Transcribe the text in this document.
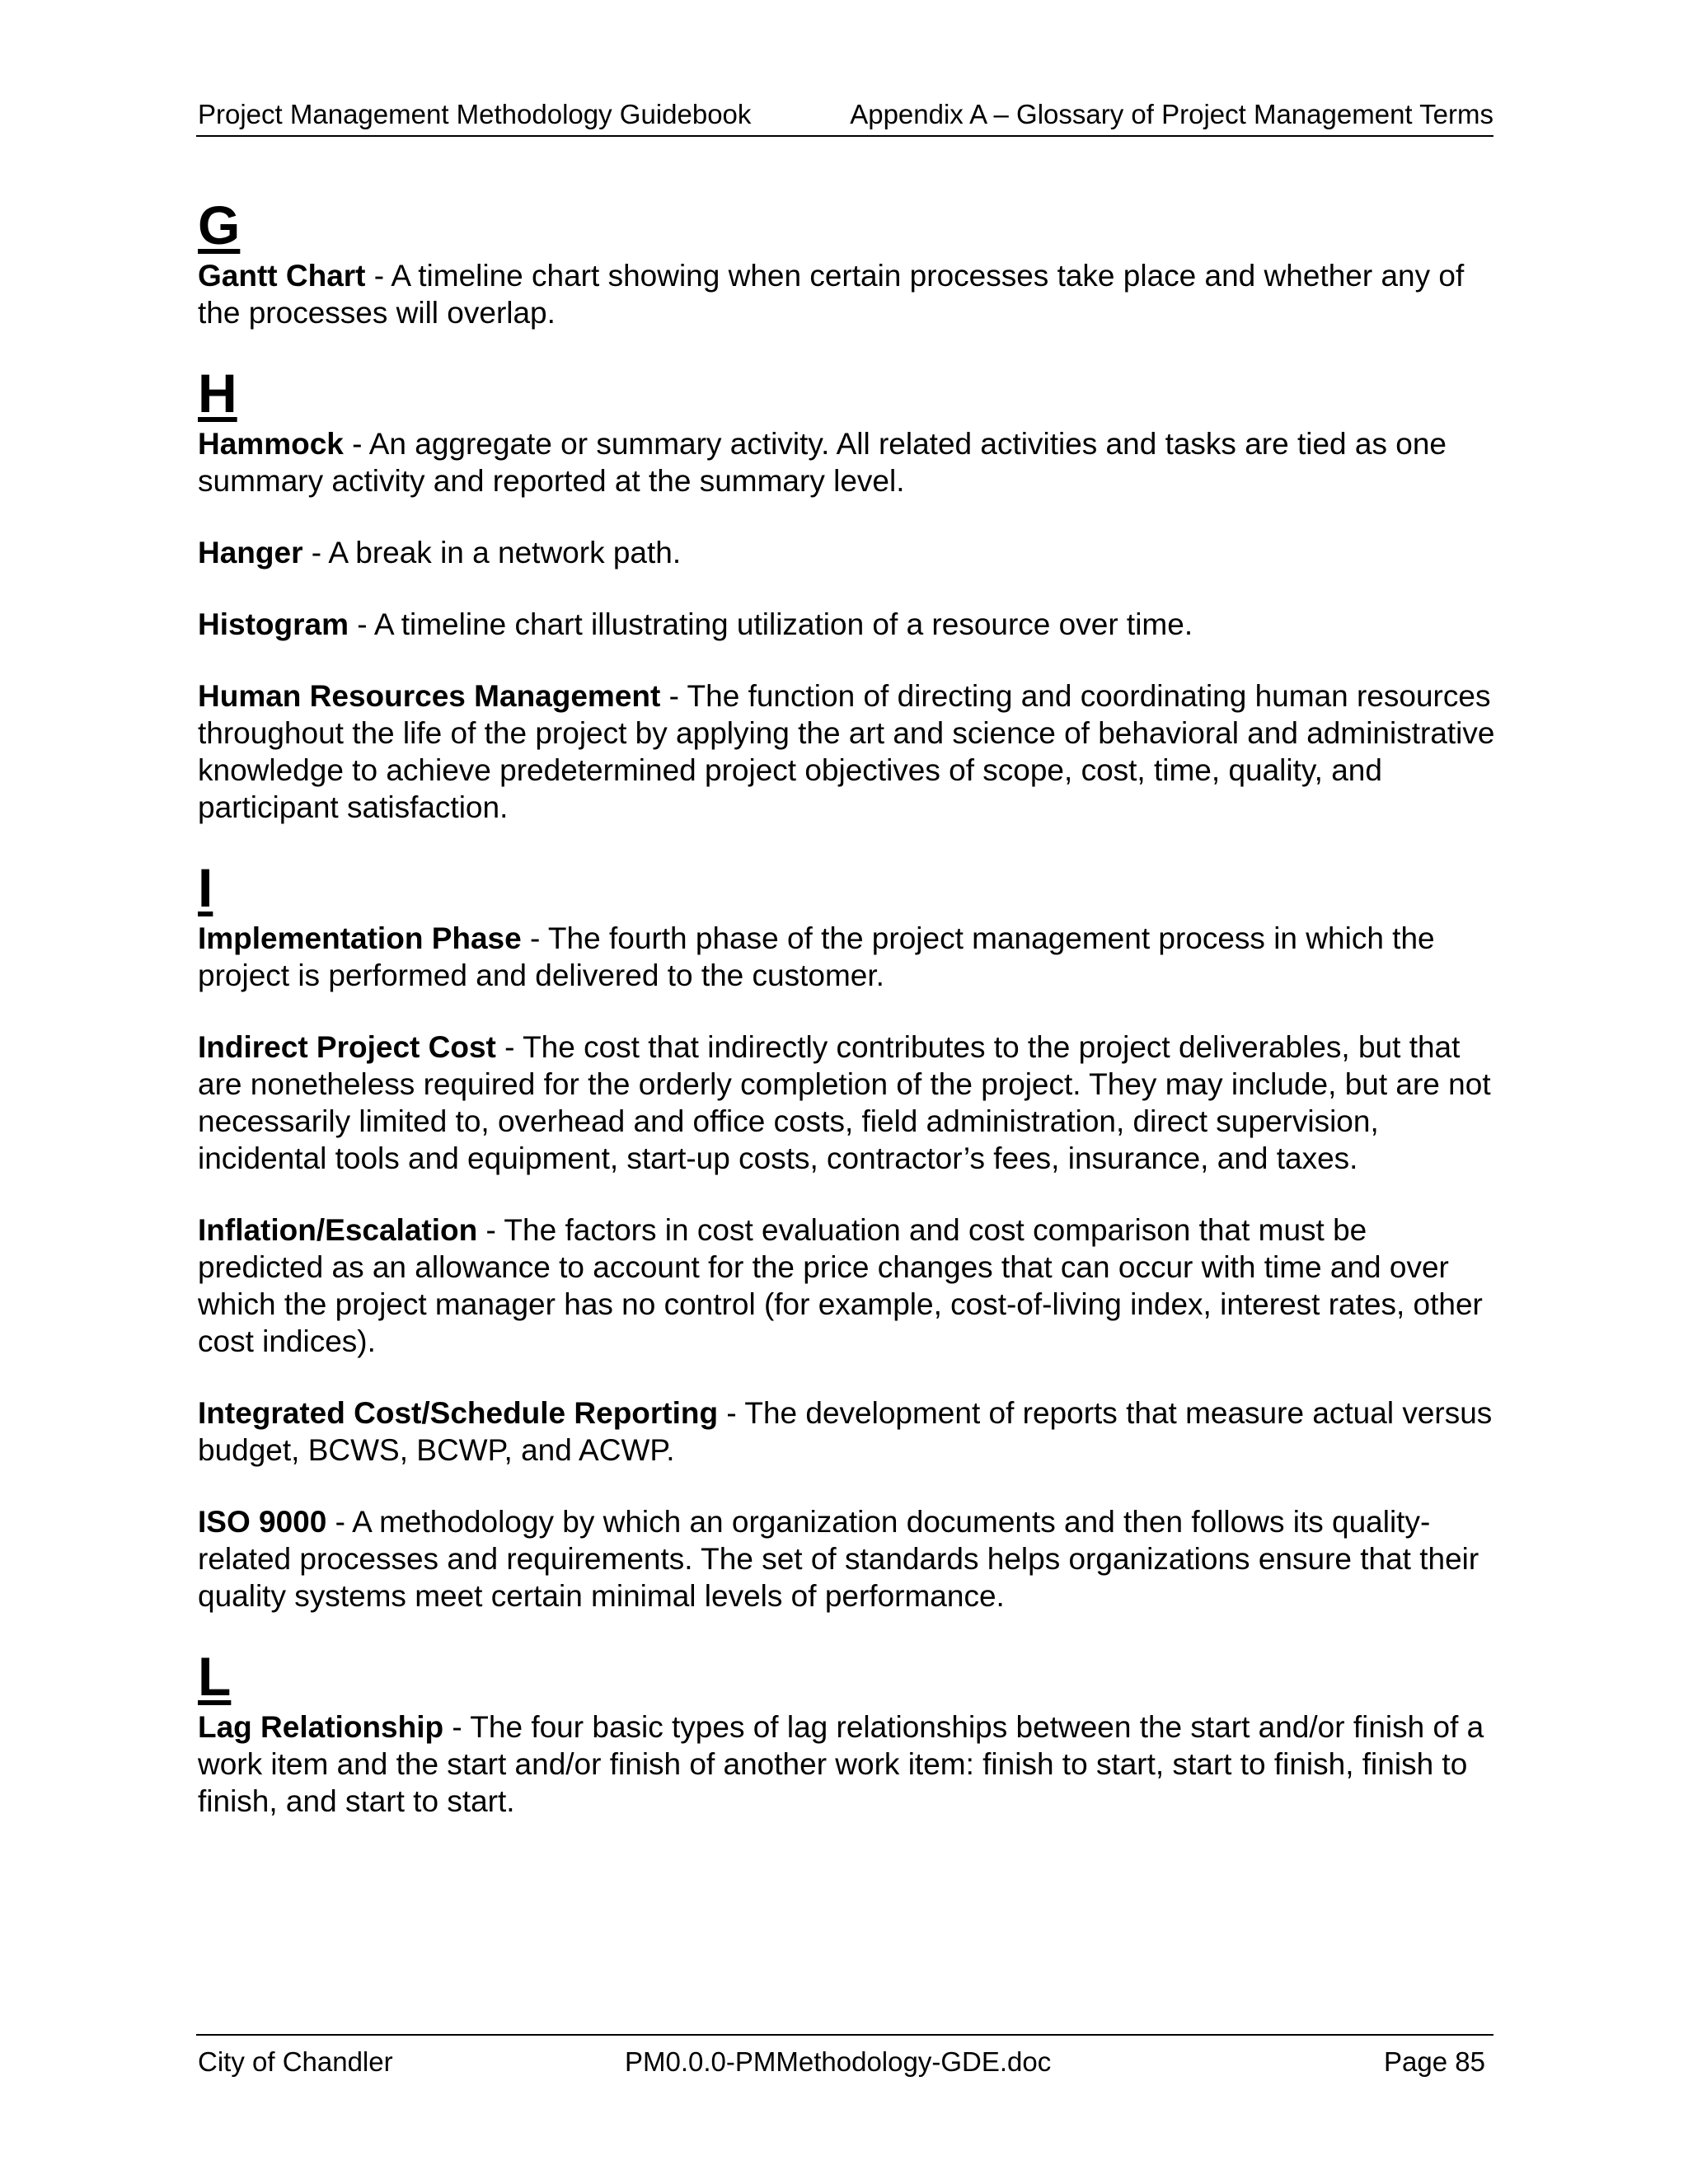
Project Management Methodology Guidebook	Appendix A – Glossary of Project Management Terms
G
Gantt Chart - A timeline chart showing when certain processes take place and whether any of the processes will overlap.
H
Hammock - An aggregate or summary activity. All related activities and tasks are tied as one summary activity and reported at the summary level.
Hanger - A break in a network path.
Histogram - A timeline chart illustrating utilization of a resource over time.
Human Resources Management - The function of directing and coordinating human resources throughout the life of the project by applying the art and science of behavioral and administrative knowledge to achieve predetermined project objectives of scope, cost, time, quality, and participant satisfaction.
I
Implementation Phase - The fourth phase of the project management process in which the project is performed and delivered to the customer.
Indirect Project Cost - The cost that indirectly contributes to the project deliverables, but that are nonetheless required for the orderly completion of the project. They may include, but are not necessarily limited to, overhead and office costs, field administration, direct supervision, incidental tools and equipment, start-up costs, contractor’s fees, insurance, and taxes.
Inflation/Escalation - The factors in cost evaluation and cost comparison that must be predicted as an allowance to account for the price changes that can occur with time and over which the project manager has no control (for example, cost-of-living index, interest rates, other cost indices).
Integrated Cost/Schedule Reporting - The development of reports that measure actual versus budget, BCWS, BCWP, and ACWP.
ISO 9000 - A methodology by which an organization documents and then follows its quality-related processes and requirements. The set of standards helps organizations ensure that their quality systems meet certain minimal levels of performance.
L
Lag Relationship - The four basic types of lag relationships between the start and/or finish of a work item and the start and/or finish of another work item: finish to start, start to finish, finish to finish, and start to start.
City of Chandler	PM0.0.0-PMMethodology-GDE.doc	Page 85
